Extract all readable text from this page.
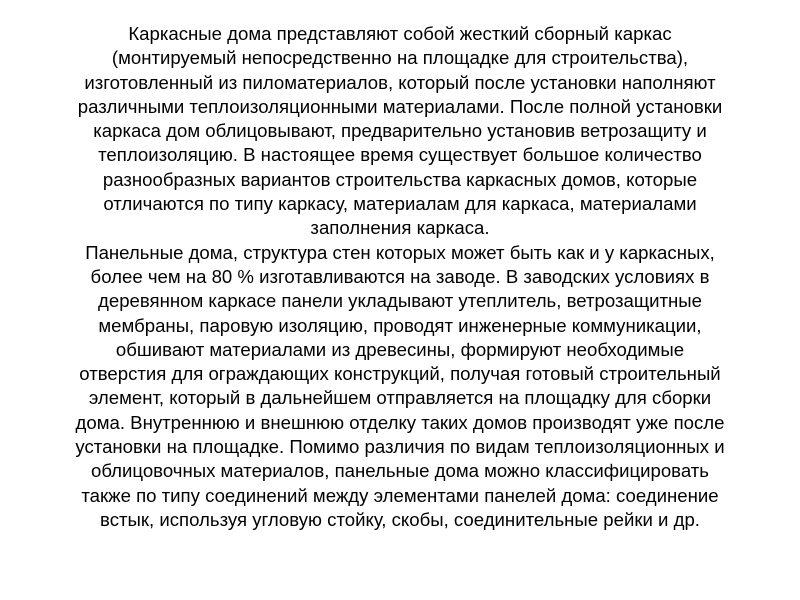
Каркасные дома представляют собой жесткий сборный каркас
(монтируемый непосредственно на площадке для строительства),
изготовленный из пиломатериалов, который после установки наполняют
различными теплоизоляционными материалами. После полной установки
каркаса дом облицовывают, предварительно установив ветрозащиту и
теплоизоляцию. В настоящее время существует большое количество
разнообразных вариантов строительства каркасных домов, которые
отличаются по типу каркасу, материалам для каркаса, материалами
заполнения каркаса.
Панельные дома, структура стен которых может быть как и у каркасных,
более чем на 80 % изготавливаются на заводе. В заводских условиях в
деревянном каркасе панели укладывают утеплитель, ветрозащитные
мембраны, паровую изоляцию, проводят инженерные коммуникации,
обшивают материалами из древесины, формируют необходимые
отверстия для ограждающих конструкций, получая готовый строительный
элемент, который в дальнейшем отправляется на площадку для сборки
дома. Внутреннюю и внешнюю отделку таких домов производят уже после
установки на площадке. Помимо различия по видам теплоизоляционных и
облицовочных материалов, панельные дома можно классифицировать
также по типу соединений между элементами панелей дома: соединение
встык, используя угловую стойку, скобы, соединительные рейки и др.
